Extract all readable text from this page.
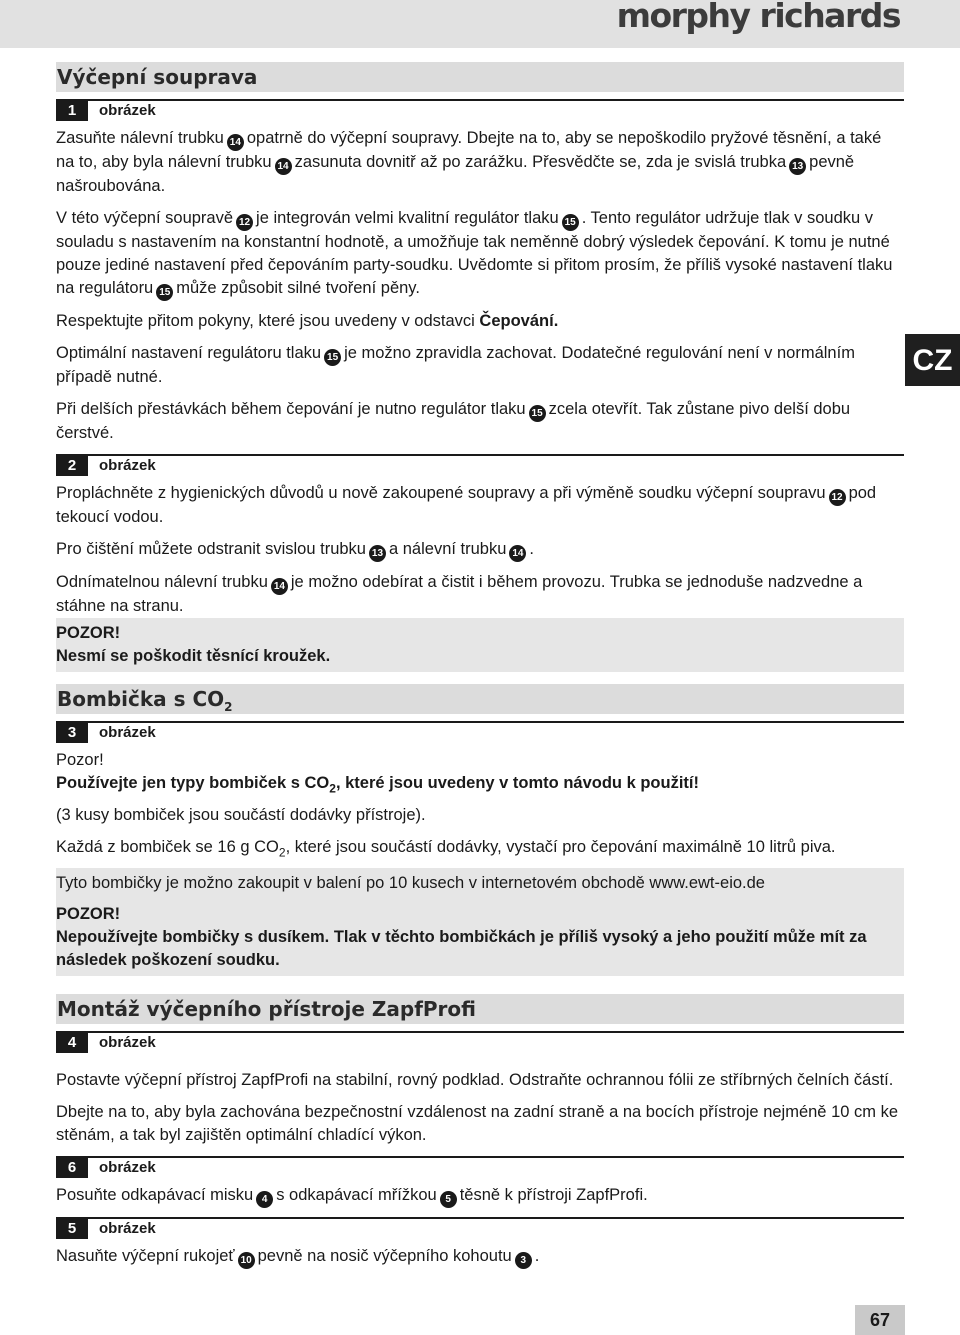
morphy richards
CZ
67
Výčepní souprava
1	obrázek

Zasuňte nálevní trubku 14 opatrně do výčepní soupravy. Dbejte na to, aby se nepoškodilo pryžové těsnění, a také na to, aby byla nálevní trubku 14 zasunuta dovnitř až po zarážku. Přesvědčte se, zda je svislá trubka 13 pevně našroubována.

V této výčepní soupravě 12 je integrován velmi kvalitní regulátor tlaku 15 . Tento regulátor udržuje tlak v soudku v souladu s nastavením na konstantní hodnotě, a umožňuje tak neměnně dobrý výsledek čepování. K tomu je nutné pouze jediné nastavení před čepováním party-soudku. Uvědomte si přitom prosím, že příliš vysoké nastavení tlaku na regulátoru 15 může způsobit silné tvoření pěny.

Respektujte přitom pokyny, které jsou uvedeny v odstavci Čepování.

Optimální nastavení regulátoru tlaku 15 je možno zpravidla zachovat. Dodatečné regulování není v normálním případě nutné.

Při delších přestávkách během čepování je nutno regulátor tlaku 15 zcela otevřít. Tak zůstane pivo delší dobu čerstvé.

2	obrázek

Propláchněte z hygienických důvodů u nově zakoupené soupravy a při výměně soudku výčepní soupravu 12 pod tekoucí vodou.

Pro čištění můžete odstranit svislou trubku 13 a nálevní trubku 14 .

Odnímatelnou nálevní trubku 14 je možno odebírat a čistit i během provozu. Trubka se jednoduše nadzvedne a stáhne na stranu.

POZOR!
Nesmí se poškodit těsnící kroužek.
Bombička s $CO_2$
3	obrázek

Pozor!

Používejte jen typy bombiček s $CO_2$, které jsou uvedeny v tomto návodu k použití!

(3 kusy bombiček jsou součástí dodávky přístroje).

Každá z bombiček se 16 g $CO_2$, které jsou součástí dodávky, vystačí pro čepování maximálně 10 litrů piva.

Tyto bombičky je možno zakoupit v balení po 10 kusech v internetovém obchodě www.ewt-eio.de
POZOR!
Nepoužívejte bombičky s dusíkem. Tlak v těchto bombičkách je příliš vysoký a jeho použití může mít za následek poškození soudku.
Montáž výčepního přístroje ZapfProfi
4	obrázek

Postavte výčepní přístroj ZapfProfi na stabilní, rovný podklad. Odstraňte ochrannou fólii ze stříbrných čelních částí.

Dbejte na to, aby byla zachována bezpečnostní vzdálenost na zadní straně a na bocích přístroje nejméně 10 cm ke stěnám, a tak byl zajištěn optimální chladící výkon.

6	obrázek

Posuňte odkapávací misku 4 s odkapávací mřížkou 5 těsně k přístroji ZapfProfi.

5	obrázek

Nasuňte výčepní rukojeť 10 pevně na nosič výčepního kohoutu 3 .
